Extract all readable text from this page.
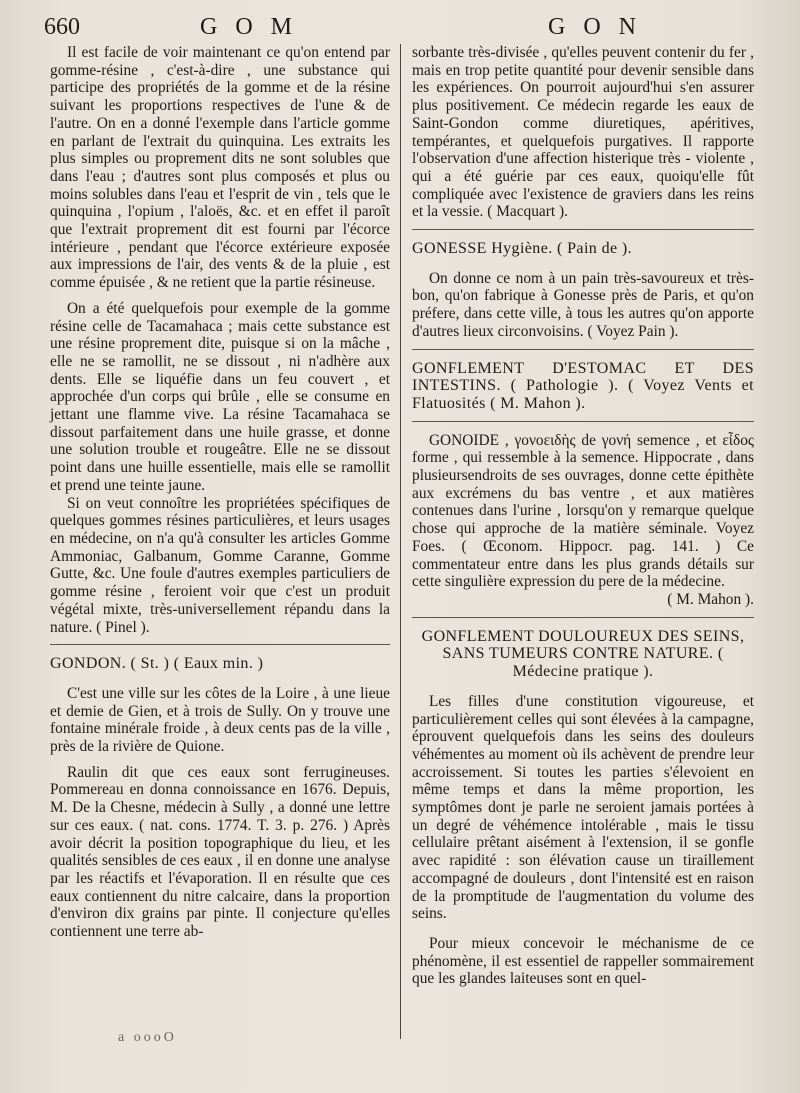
660	G O M	G O N

Il est facile de voir maintenant ce qu'on entend par gomme-résine , c'est-à-dire , une substance qui participe des propriétés de la gomme et de la résine suivant les proportions respectives de l'une & de l'autre. On en a donné l'exemple dans l'article gomme en parlant de l'extrait du quinquina. Les extraits les plus simples ou proprement dits ne sont solubles que dans l'eau ; d'autres sont plus composés et plus ou moins solubles dans l'eau et l'esprit de vin , tels que le quinquina , l'opium , l'aloës, &c. et en effet il paroît que l'extrait proprement dit est fourni par l'écorce intérieure , pendant que l'écorce extérieure exposée aux impressions de l'air, des vents & de la pluie , est comme épuisée , & ne retient que la partie résineuse.

On a été quelquefois pour exemple de la gomme résine celle de Tacamahaca ; mais cette substance est une résine proprement dite, puisque si on la mâche , elle ne se ramollit, ne se dissout , ni n'adhère aux dents. Elle se liquéfie dans un feu couvert , et approchée d'un corps qui brûle , elle se consume en jettant une flamme vive. La résine Tacamahaca se dissout parfaitement dans une huile grasse, et donne une solution trouble et rougeâtre. Elle ne se dissout point dans une huille essentielle, mais elle se ramollit et prend une teinte jaune.

Si on veut connoître les propriétées spécifiques de quelques gommes résines particulières, et leurs usages en médecine, on n'a qu'à consulter les articles Gomme Ammoniac, Galbanum, Gomme Caranne, Gomme Gutte, &c. Une foule d'autres exemples particuliers de gomme résine , feroient voir que c'est un produit végétal mixte, très-universellement répandu dans la nature. ( Pinel ).

GONDON. ( St. ) ( Eaux min. )

C'est une ville sur les côtes de la Loire , à une lieue et demie de Gien, et à trois de Sully. On y trouve une fontaine minérale froide , à deux cents pas de la ville , près de la rivière de Quione.

Raulin dit que ces eaux sont ferrugineuses. Pommereau en donna connoissance en 1676. Depuis, M. De la Chesne, médecin à Sully , a donné une lettre sur ces eaux. ( nat. cons. 1774. T. 3. p. 276. ) Après avoir décrit la position topographique du lieu, et les qualités sensibles de ces eaux , il en donne une analyse par les réactifs et l'évaporation. Il en résulte que ces eaux contiennent du nitre calcaire, dans la proportion d'environ dix grains par pinte. Il conjecture qu'elles contiennent une terre ab-

sorbante très-divisée , qu'elles peuvent contenir du fer , mais en trop petite quantité pour devenir sensible dans les expériences. On pourroit aujourd'hui s'en assurer plus positivement. Ce médecin regarde les eaux de Saint-Gondon comme diuretiques, apéritives, tempérantes, et quelquefois purgatives. Il rapporte l'observation d'une affection histerique très - violente , qui a été guérie par ces eaux, quoiqu'elle fût compliquée avec l'existence de graviers dans les reins et la vessie. ( Macquart ).

GONESSE Hygiène. ( Pain de ).

On donne ce nom à un pain très-savoureux et très-bon, qu'on fabrique à Gonesse près de Paris, et qu'on préfere, dans cette ville, à tous les autres qu'on apporte d'autres lieux circonvoisins. ( Voyez Pain ).

GONFLEMENT D'ESTOMAC ET DES INTESTINS. ( Pathologie ). ( Voyez Vents et Flatuosités ( M. Mahon ).

GONOIDE , γονοειδὴς de γονή semence , et εἶδος forme , qui ressemble à la semence. Hippocrate , dans plusieursendroits de ses ouvrages, donne cette épithète aux excrémens du bas ventre , et aux matières contenues dans l'urine , lorsqu'on y remarque quelque chose qui approche de la matière séminale. Voyez Foes. ( Œconom. Hippocr. pag. 141. ) Ce commentateur entre dans les plus grands détails sur cette singulière expression du pere de la médecine.

( M. Mahon ).

GONFLEMENT DOULOUREUX DES SEINS, SANS TUMEURS CONTRE NATURE. ( Médecine pratique ).

Les filles d'une constitution vigoureuse, et particulièrement celles qui sont élevées à la campagne, éprouvent quelquefois dans les seins des douleurs véhémentes au moment où ils achèvent de prendre leur accroissement. Si toutes les parties s'élevoient en même temps et dans la même proportion, les symptômes dont je parle ne seroient jamais portées à un degré de véhémence intolérable , mais le tissu cellulaire prêtant aisément à l'extension, il se gonfle avec rapidité : son élévation cause un tiraillement accompagné de douleurs , dont l'intensité est en raison de la promptitude de l'augmentation du volume des seins.

Pour mieux concevoir le méchanisme de ce phénomène, il est essentiel de rappeller sommairement que les glandes laiteuses sont en quel-

a oooO
